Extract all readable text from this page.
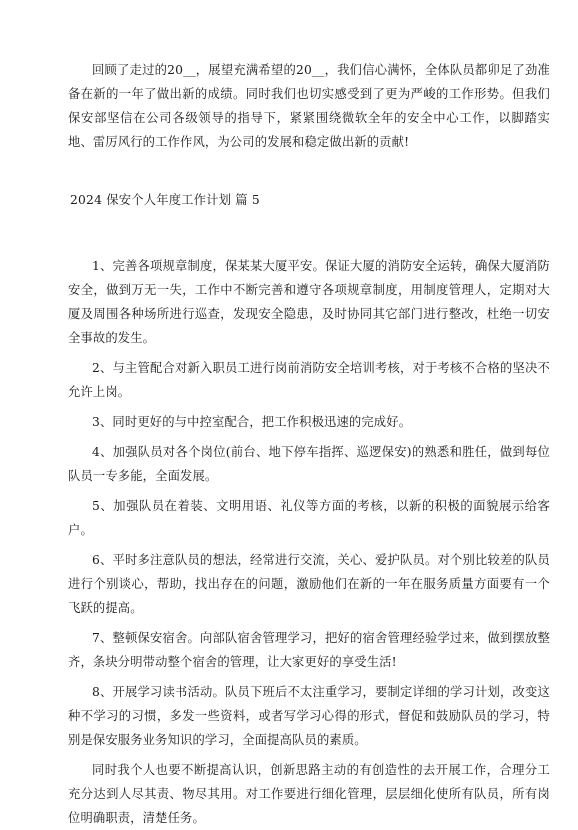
回顾了走过的20__，展望充满希望的20__，我们信心满怀，全体队员都卯足了劲准备在新的一年了做出新的成绩。同时我们也切实感受到了更为严峻的工作形势。但我们保安部坚信在公司各级领导的指导下，紧紧围绕微软全年的安全中心工作，以脚踏实地、雷厉风行的工作作风，为公司的发展和稳定做出新的贡献!

2024 保安个人年度工作计划 篇 5

1、完善各项规章制度，保某某大厦平安。保证大厦的消防安全运转，确保大厦消防安全，做到万无一失，工作中不断完善和遵守各项规章制度，用制度管理人，定期对大厦及周围各种场所进行巡查，发现安全隐患，及时协同其它部门进行整改，杜绝一切安全事故的发生。

2、与主管配合对新入职员工进行岗前消防安全培训考核，对于考核不合格的坚决不允许上岗。

3、同时更好的与中控室配合，把工作积极迅速的完成好。

4、加强队员对各个岗位(前台、地下停车指挥、巡逻保安)的熟悉和胜任，做到每位队员一专多能，全面发展。

5、加强队员在着装、文明用语、礼仪等方面的考核，以新的积极的面貌展示给客户。

6、平时多注意队员的想法，经常进行交流，关心、爱护队员。对个别比较差的队员进行个别谈心，帮助，找出存在的问题，激励他们在新的一年在服务质量方面要有一个飞跃的提高。

7、整顿保安宿舍。向部队宿舍管理学习，把好的宿舍管理经验学过来，做到摆放整齐，条块分明带动整个宿舍的管理，让大家更好的享受生活!

8、开展学习读书活动。队员下班后不太注重学习，要制定详细的学习计划，改变这种不学习的习惯，多发一些资料，或者写学习心得的形式，督促和鼓励队员的学习，特别是保安服务业务知识的学习，全面提高队员的素质。

同时我个人也要不断提高认识，创新思路主动的有创造性的去开展工作，合理分工充分达到人尽其责、物尽其用。对工作要进行细化管理，层层细化使所有队员，所有岗位明确职责，清楚任务。
